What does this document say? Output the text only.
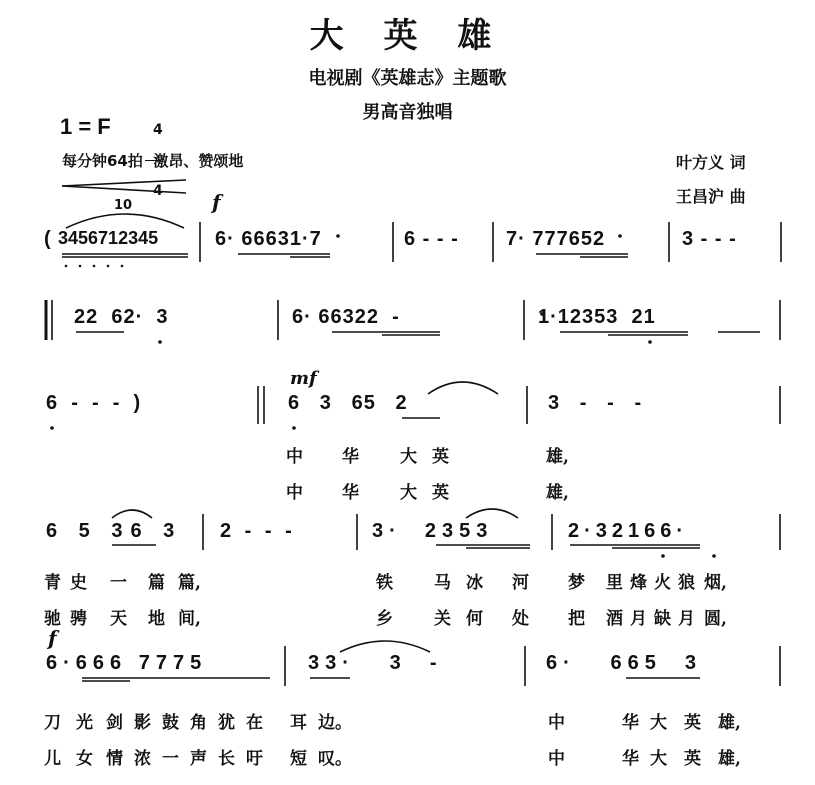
大 英 雄
电视剧《英雄志》主题歌
男高音独唱
1 = F	4

4

每分钟64拍  激昂、赞颂地	叶方义 词
王昌沪 曲
10	f
mf
f
( 3456712345	6· 66631·7	6 - - - 7· 777652	3 - - -
22  62·  3	6· 66322  -	1·12353  21
6  -  -  -  )	6   3   65   2	3   -   -   -
中 华 大 英	雄,
中 华 大 英	雄,
6 5 36 3 2 - - -	3·  2353	2·32166·
青 史 一 篇 篇,	铁 马 冰 河 梦 里 烽 火 狼 烟,
驰 骋 天 地 间,	乡 关 何 处 把 酒 月 缺 月 圆,
6·666 7775	33·   3  -	6·   665  3
刀 光 剑 影 鼓 角 犹 在 耳 边。	中	华 大 英 雄,
儿 女 情 浓 一 声 长 吁 短 叹。	中	华 大 英 雄,
